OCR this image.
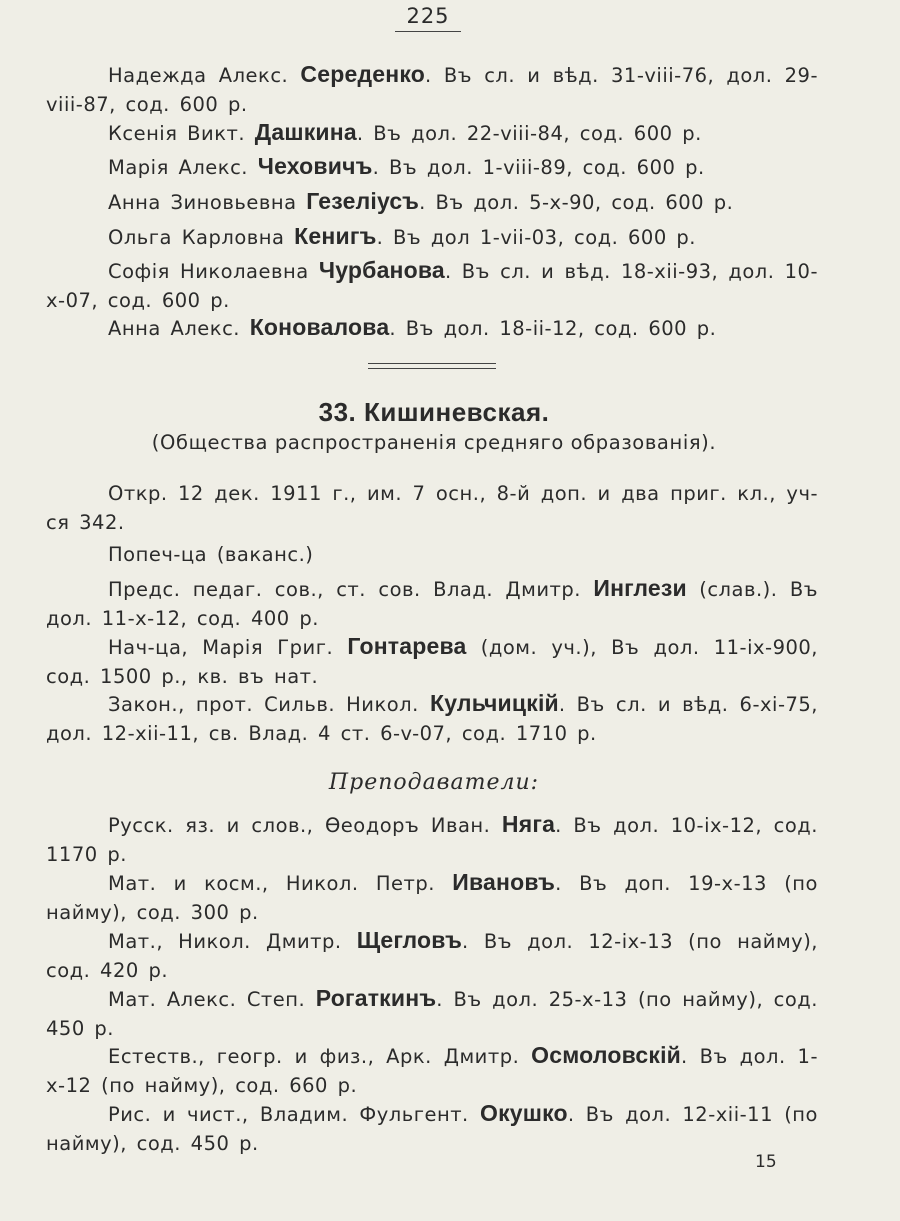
225
Надежда Алекс. Середенко. Въ сл. и вѣд. 31-viii-76, дол. 29-viii-87, сод. 600 р.
Ксенія Викт. Дашкина. Въ дол. 22-viii-84, сод. 600 р.
Марія Алекс. Чеховичъ. Въ дол. 1-viii-89, сод. 600 р.
Анна Зиновьевна Гезеліусъ. Въ дол. 5-х-90, сод. 600 р.
Ольга Карловна Кенигъ. Въ дол 1-vii-03, сод. 600 р.
Софія Николаевна Чурбанова. Въ сл. и вѣд. 18-xii-93, дол. 10-х-07, сод. 600 р.
Анна Алекс. Коновалова. Въ дол. 18-ii-12, сод. 600 р.
33. Кишиневская.
(Общества распространенія средняго образованія).
Откр. 12 дек. 1911 г., им. 7 осн., 8-й доп. и два приг. кл., уч-ся 342.
Попеч-ца (ваканс.)
Предс. педаг. сов., ст. сов. Влад. Дмитр. Инглези (слав.). Въ дол. 11-х-12, сод. 400 р.
Нач-ца, Марія Григ. Гонтарева (дом. уч.), Въ дол. 11-ix-900, сод. 1500 р., кв. въ нат.
Закон., прот. Сильв. Никол. Кульчицкій. Въ сл. и вѣд. 6-xi-75, дол. 12-xii-11, св. Влад. 4 ст. 6-v-07, сод. 1710 р.
Преподаватели:
Русск. яз. и слов., Өеодоръ Иван. Няга. Въ дол. 10-ix-12, сод. 1170 р.
Мат. и косм., Никол. Петр. Ивановъ. Въ доп. 19-х-13 (по найму), сод. 300 р.
Мат., Никол. Дмитр. Щегловъ. Въ дол. 12-ix-13 (по найму), сод. 420 р.
Мат. Алекс. Степ. Рогаткинъ. Въ дол. 25-х-13 (по найму), сод. 450 р.
Естеств., геогр. и физ., Арк. Дмитр. Осмоловскій. Въ дол. 1-х-12 (по найму), сод. 660 р.
Рис. и чист., Владим. Фульгент. Окушко. Въ дол. 12-xii-11 (по найму), сод. 450 р.
15
